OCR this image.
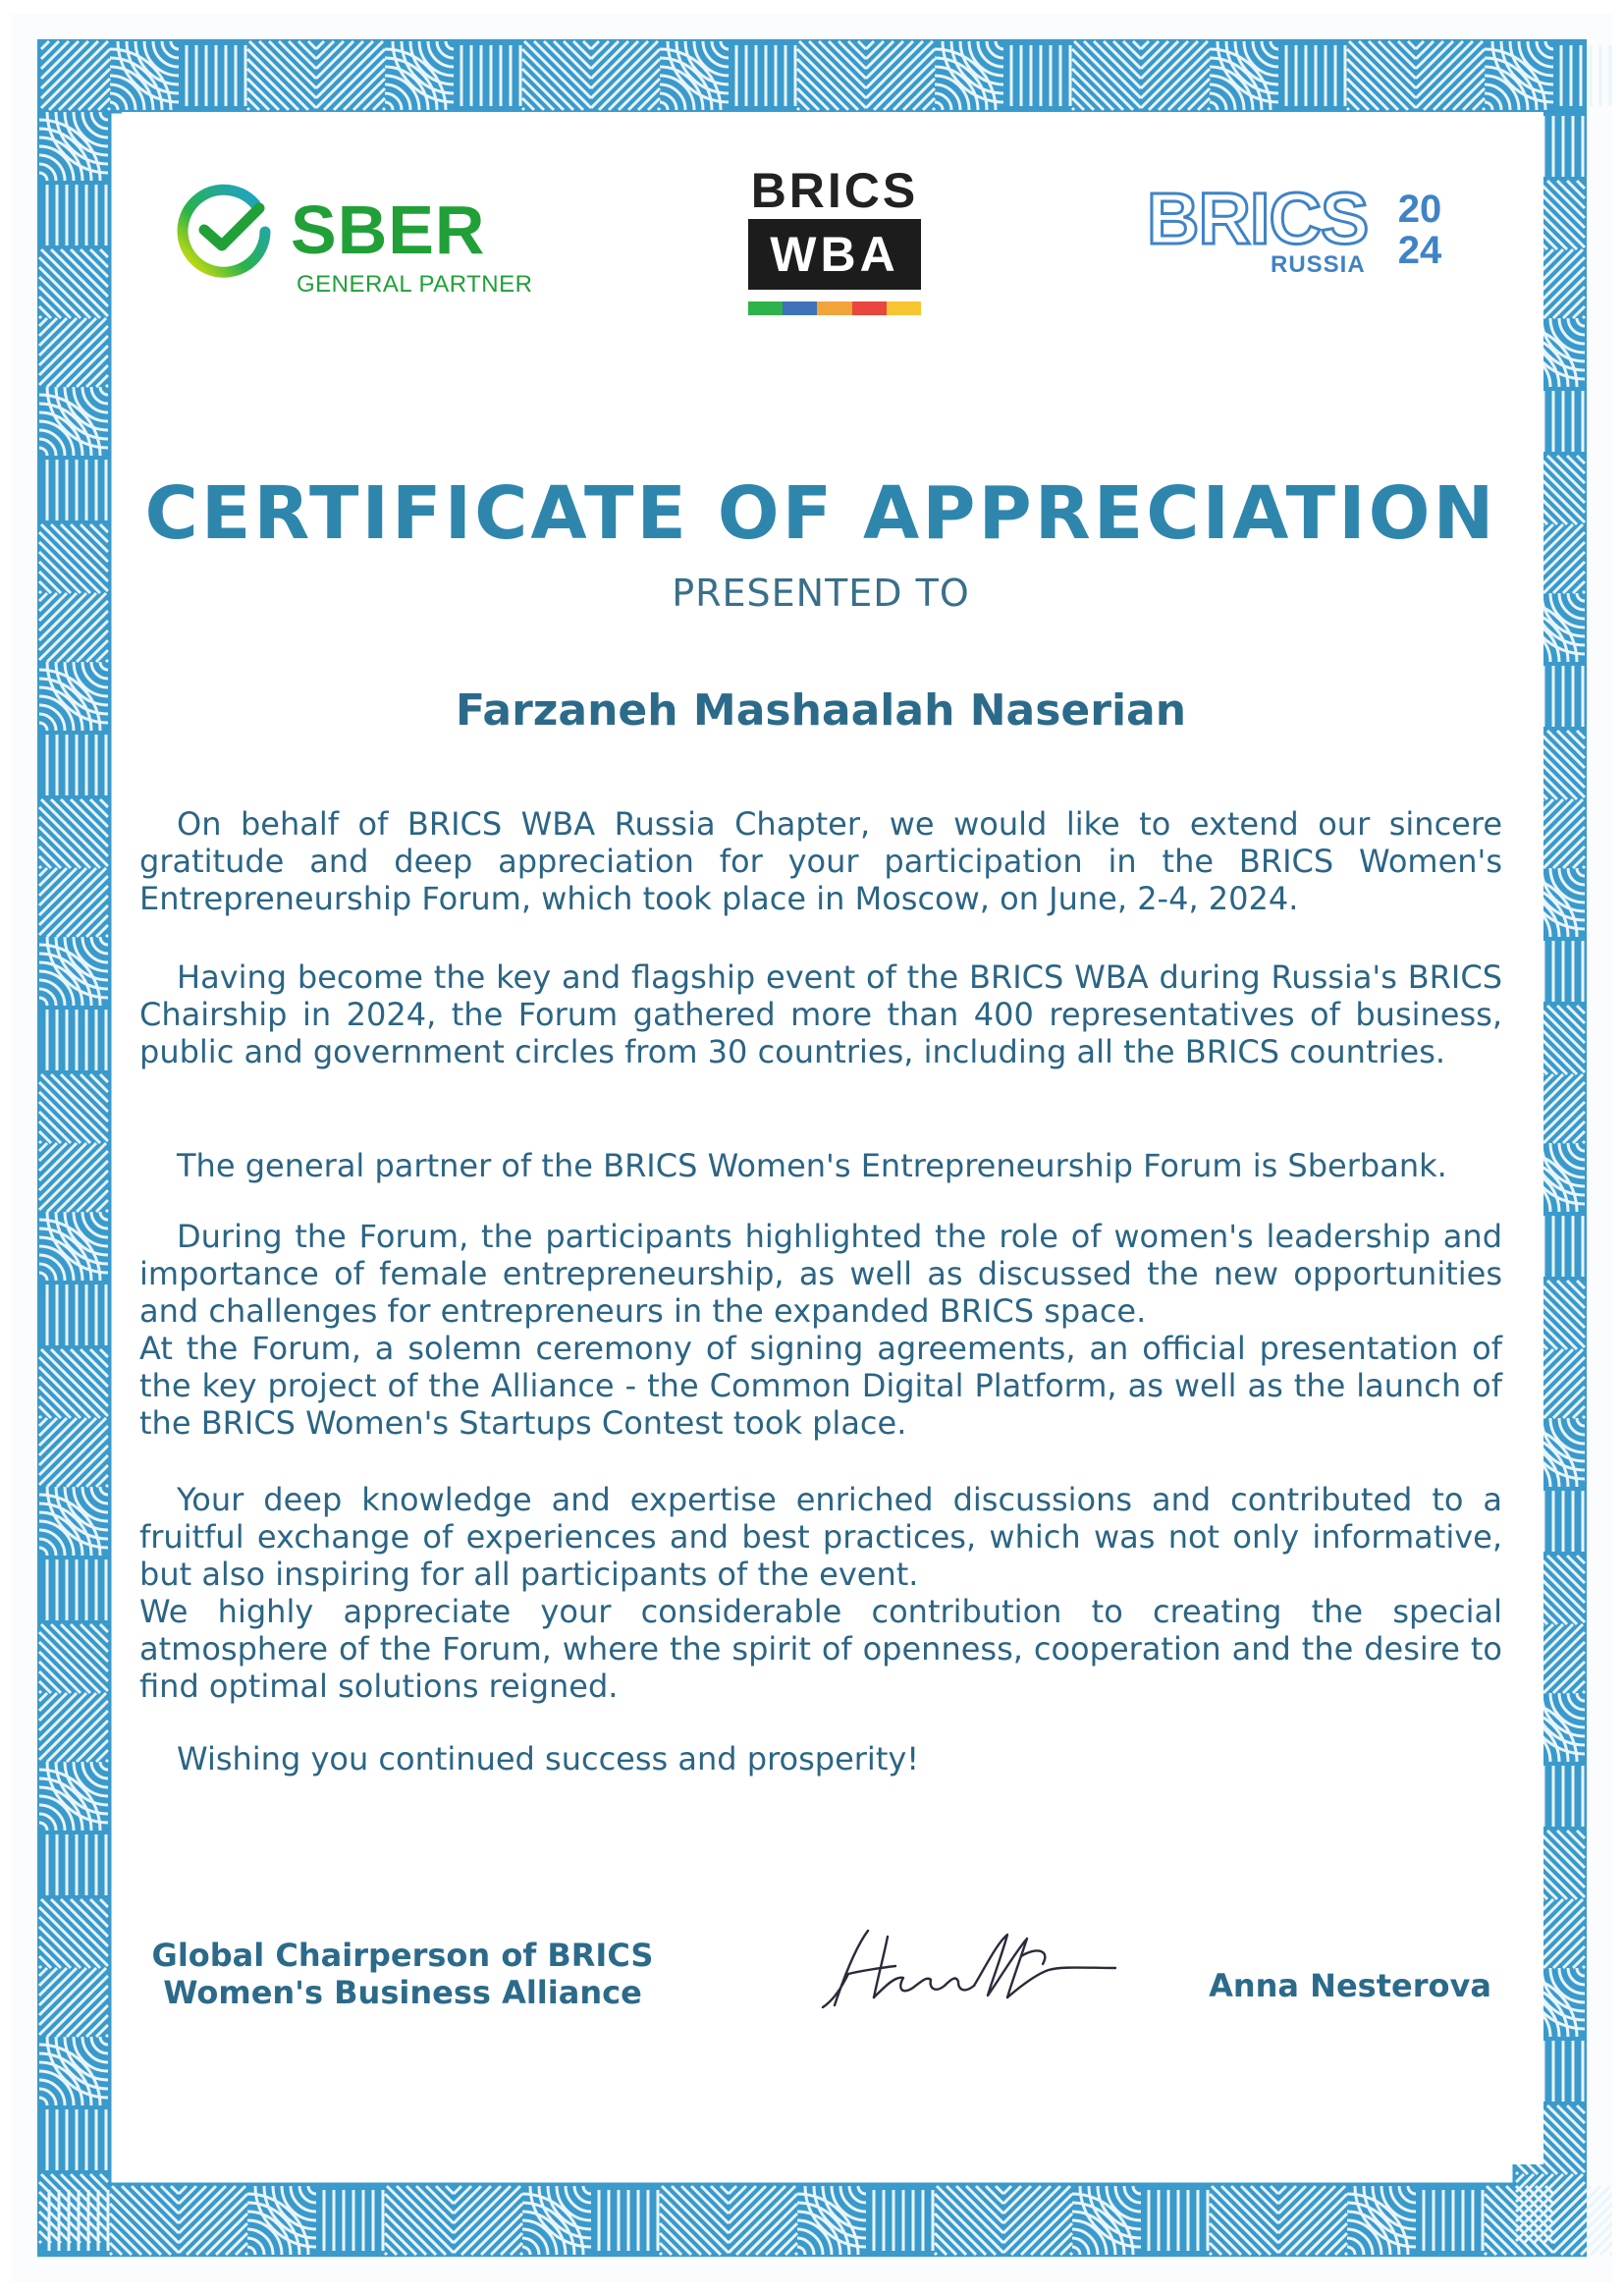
SBER
GENERAL PARTNER
BRICS
WBA	BRICS
RUSSIA
20
24
CERTIFICATE OF APPRECIATION
PRESENTED TO
Farzaneh Mashaalah Naserian

On behalf of BRICS WBA Russia Chapter, we would like to extend our sincere gratitude and deep appreciation for your participation in the BRICS Women's Entrepreneurship Forum, which took place in Moscow, on June, 2-4, 2024.

Having become the key and flagship event of the BRICS WBA during Russia's BRICS Chairship in 2024, the Forum gathered more than 400 representatives of business, public and government circles from 30 countries, including all the BRICS countries.

The general partner of the BRICS Women's Entrepreneurship Forum is Sberbank.

During the Forum, the participants highlighted the role of women's leadership and importance of female entrepreneurship, as well as discussed the new opportunities and challenges for entrepreneurs in the expanded BRICS space.

At the Forum, a solemn ceremony of signing agreements, an official presentation of the key project of the Alliance - the Common Digital Platform, as well as the launch of the BRICS Women's Startups Contest took place.

Your deep knowledge and expertise enriched discussions and contributed to a fruitful exchange of experiences and best practices, which was not only informative, but also inspiring for all participants of the event.

We highly appreciate your considerable contribution to creating the special atmosphere of the Forum, where the spirit of openness, cooperation and the desire to find optimal solutions reigned.

Wishing you continued success and prosperity!

Global Chairperson of BRICS
Women's Business Alliance	Anna Nesterova
